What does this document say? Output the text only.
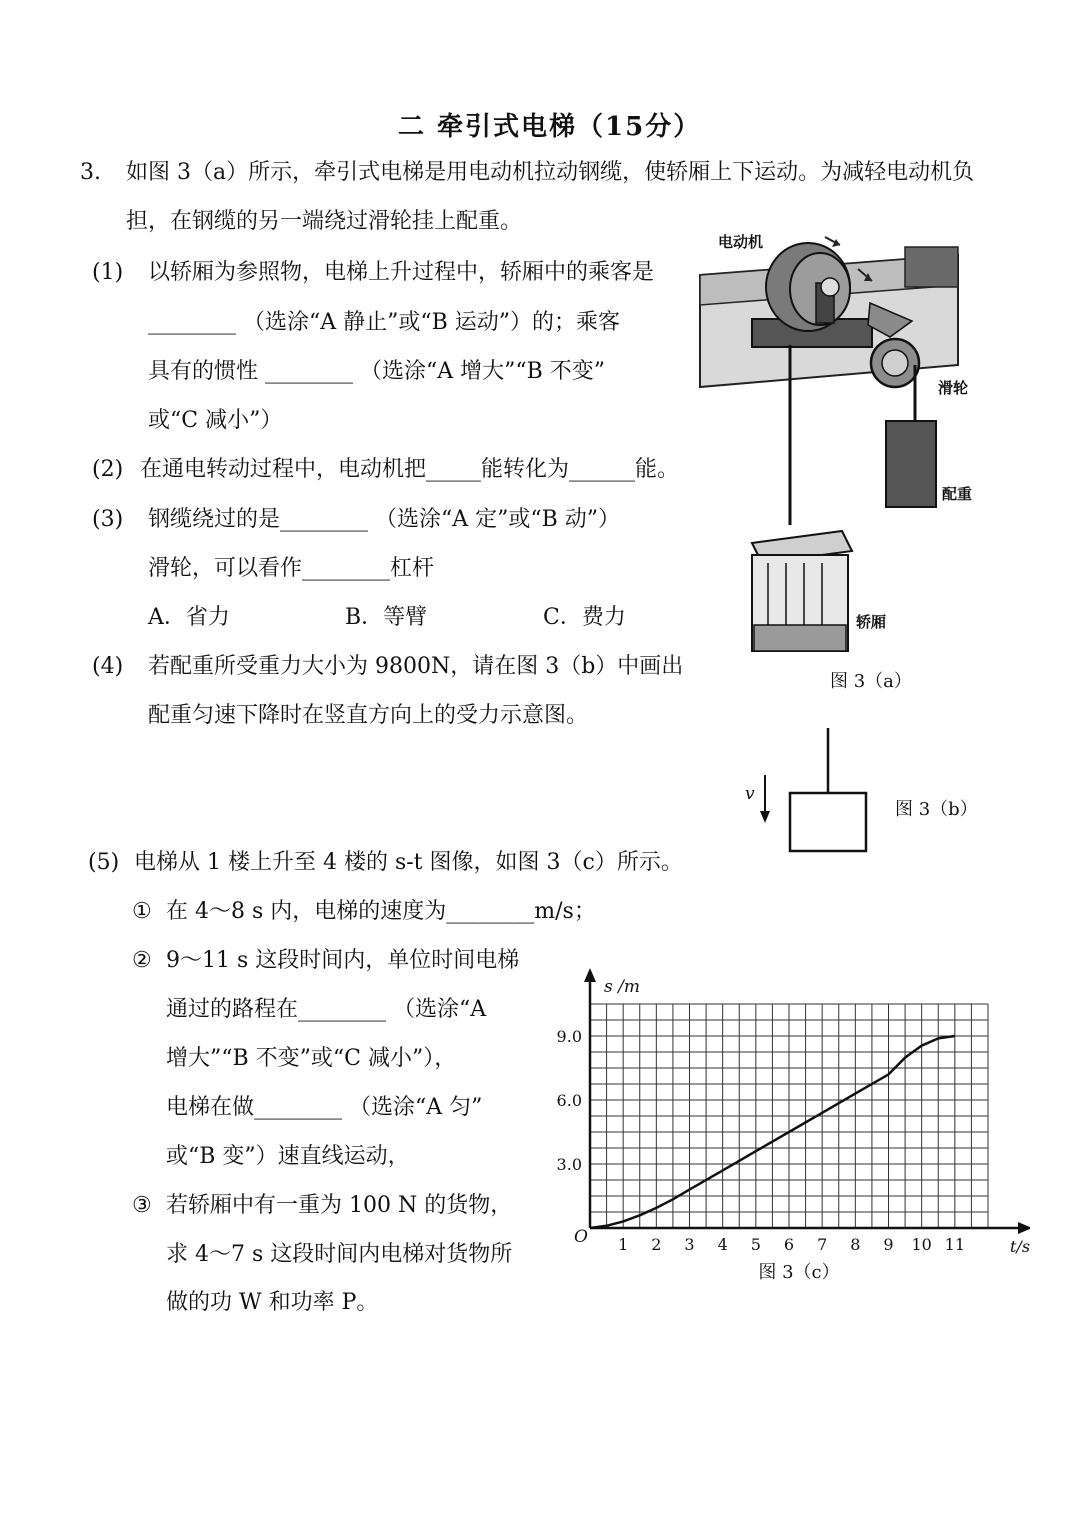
二 牵引式电梯（15分）
3. 如图 3（a）所示，牵引式电梯是用电动机拉动钢缆，使轿厢上下运动。为减轻电动机负
担，在钢缆的另一端绕过滑轮挂上配重。
(1) 以轿厢为参照物，电梯上升过程中，轿厢中的乘客是
________ （选涂“A 静止”或“B 运动”）的；乘客
具有的惯性 ________ （选涂“A 增大”“B 不变”
或“C 减小”）
(2) 在通电转动过程中，电动机把_____能转化为______能。
(3) 钢缆绕过的是________ （选涂“A 定”或“B 动”）
滑轮，可以看作________杠杆
A．省力	B．等臂	C．费力
(4) 若配重所受重力大小为 9800N，请在图 3（b）中画出
配重匀速下降时在竖直方向上的受力示意图。
(5) 电梯从 1 楼上升至 4 楼的 s-t 图像，如图 3（c）所示。
① 在 4～8 s 内，电梯的速度为________m/s；
② 9～11 s 这段时间内，单位时间电梯
通过的路程在________ （选涂“A
增大”“B 不变”或“C 减小”），
电梯在做________ （选涂“A 匀”
或“B 变”）速直线运动，
③ 若轿厢中有一重为 100 N 的货物，
求 4～7 s 这段时间内电梯对货物所
做的功 W 和功率 P。
电动机
滑轮
配重
轿厢
图 3（a）
v
图 3（b）
s /m
t/s
O 1 2 3 4 5 6 7 8 9 10 11
3.0
6.0
9.0
图 3（c）
